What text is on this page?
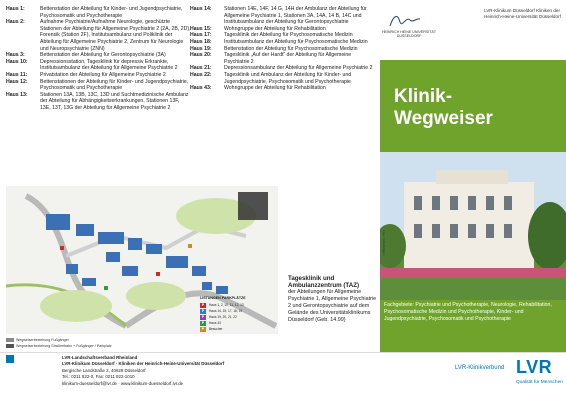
Haus 1:	Bettenstation der Abteilung für Kinder- und Jugendpsychiatrie, Psychosomatik und Psychotherapie
Haus 2:	Aufnahme Psychiatrie/Aufnahme Neurologie, geschützte Stationen der Abteilung für Allgemeine Psychiatrie 2 (2A, 2B, 2D), Forensik (Station 2F), Institutsambulanz und Poliklinik der Abteilung für Allgemeine Psychiatrie 2, Zentrum für Neurologie und Neuropsychiatrie (ZNN)
Haus 3:	Bettenstation der Abteilung für Gerontopsychiatrie (3A)
Haus 10:	Depressionsstation, Tagesklinik für depressiv Erkrankte, Institutsambulanz der Abteilung für Allgemeine Psychiatrie 2
Haus 11:	Privatstation der Abteilung für Allgemeine Psychiatrie 2
Haus 12:	Bettenstationen der Abteilung für Kinder- und Jugendpsychiatrie, Psychosomatik und Psychotherapie
Haus 13:	Stationen 13A, 13B, 13C, 13D und Suchtmedizinische Ambulanz der Abteilung für Abhängigkeitserkrankungen, Stationen 13F, 13E, 13T, 13G der Abteilung für Allgemeine Psychiatrie 2
Haus 14:	Stationen 14E, 14F, 14 G, 14H der Ambulanz der Abteilung für Allgemeine Psychiatrie 1, Stationen 3A, 14A, 14 B, 14C und Institutsambulanz der Abteilung für Gerontopsychiatrie
Haus 15:	Wohngruppe der Abteilung für Rehabilitation
Haus 17:	Tagesklinik der Abteilung für Psychosomatische Medizin
Haus 18:	Institutsambulanz der Abteilung für Psychosomatische Medizin
Haus 19:	Bettenstation der Abteilung für Psychosomatische Medizin
Haus 20:	Tagesklinik „Auf der Hardt“ der Abteilung für Allgemeine Psychiatrie 2
Haus 21:	Depressionsambulanz der Abteilung für Allgemeine Psychiatrie 2
Haus 22:	Tagesklinik und Ambulanz der Abteilung für Kinder- und Jugendpsychiatrie, Psychosomatik und Psychotherapie
Haus 43:	Wohngruppe der Abteilung für Rehabilitation
Wegweiserbeziehung Fußgänger
Wegweiserbeziehung Straßenbahn + Fußgänger / Parkplatz
LISTUNGEN PARKPLÄTZE
P	Haus 1, 2, 10, 11, 12, 13
P	Haus 14, 15, 17, 18, 19
P	Haus 19, 20, 21, 22
P	Haus 43
P	Besucher
Tagesklinik und Ambulanzzentrum (TAZ)
der Abteilungen für Allgemeine Psychiatrie 1, Allgemeine Psychiatrie 2 und Gerontopsychiatrie auf dem Gelände des Universitätsklinikums Düsseldorf (Geb. 14.99)
HEINRICH HEINE UNIVERSITÄT DÜSSELDORF
LVR-Klinikum Düsseldorf Kliniken der Heinrich-Heine-Universität Düsseldorf
Klinik-
Wegweiser
Fachgebiete: Psychiatrie und Psychotherapie, Neurologie, Rehabilitation, Psychosomatische Medizin und Psychotherapie, Kinder- und Jugendpsychiatrie, Psychosomatik und Psychotherapie
Foto: LVR-Klinikum
LVR-Landschaftsverband Rheinland
LVR-Klinikum Düsseldorf · Kliniken der Heinrich-Heine-Universität Düsseldorf
Bergische Landstraße 2, 40629 Düsseldorf
Tel.: 0211 922-0, Fax: 0211 922-1010
klinikum-duesseldorf@lvr.de · www.klinikum-duesseldorf.lvr.de
LVR-Klinikverbund LVR
Qualität für Menschen
